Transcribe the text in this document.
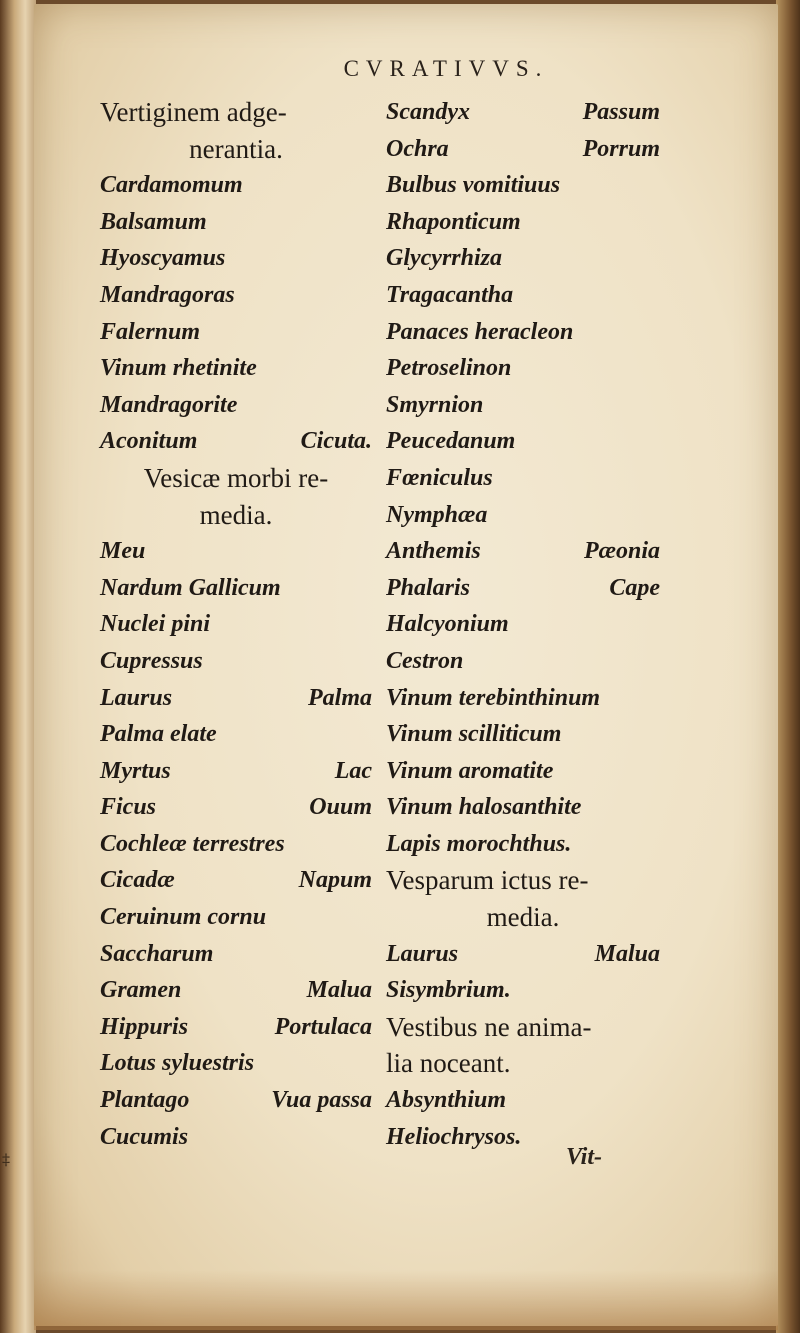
‡
CVRATIVVS.
Vertiginem adge-
nerantia.
Cardamomum
Balsamum
Hyoscyamus
Mandragoras
Falernum
Vinum rhetinite
Mandragorite
Aconitum	Cicuta.
Vesicæ morbi re-
media.
Meu
Nardum Gallicum
Nuclei pini
Cupressus
Laurus	Palma
Palma elate
Myrtus	Lac
Ficus	Ouum
Cochleæ terrestres
Cicadæ	Napum
Ceruinum cornu
Saccharum
Gramen	Malua
Hippuris	Portulaca
Lotus syluestris
Plantago	Vua passa
Cucumis
Scandyx	Passum
Ochra	Porrum
Bulbus vomitiuus
Rhaponticum
Glycyrrhiza
Tragacantha
Panaces heracleon
Petroselinon
Smyrnion
Peucedanum
Fœniculus
Nymphæa
Anthemis	Pæonia
Phalaris	Cape
Halcyonium
Cestron
Vinum terebinthinum
Vinum scilliticum
Vinum aromatite
Vinum halosanthite
Lapis morochthus.
Vesparum ictus re-
media.
Laurus	Malua
Sisymbrium.
Vestibus ne anima-
lia noceant.
Absynthium
Heliochrysos.
Vit-
